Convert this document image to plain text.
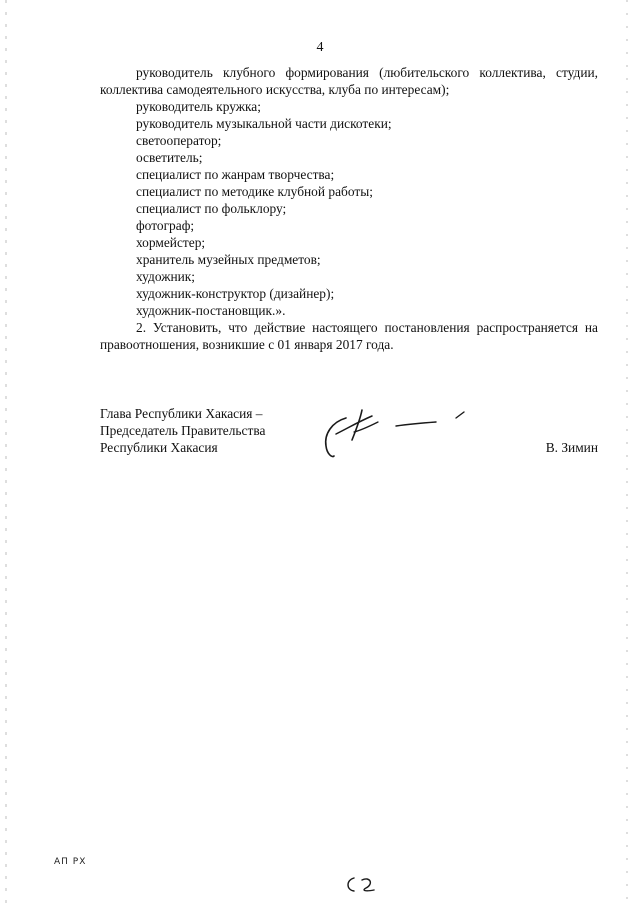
4

руководитель клубного формирования (любительского коллектива, студии, коллектива самодеятельного искусства, клуба по интересам);

руководитель кружка;
руководитель музыкальной части дискотеки;
светооператор;
осветитель;
специалист по жанрам творчества;
специалист по методике клубной работы;
специалист по фольклору;
фотограф;
хормейстер;
хранитель музейных предметов;
художник;
художник-конструктор (дизайнер);
художник-постановщик.».

2. Установить, что действие настоящего постановления распространяется на правоотношения, возникшие с 01 января 2017 года.

Глава Республики Хакасия –
Председатель Правительства
Республики Хакасия	В. Зимин
АП РХ
